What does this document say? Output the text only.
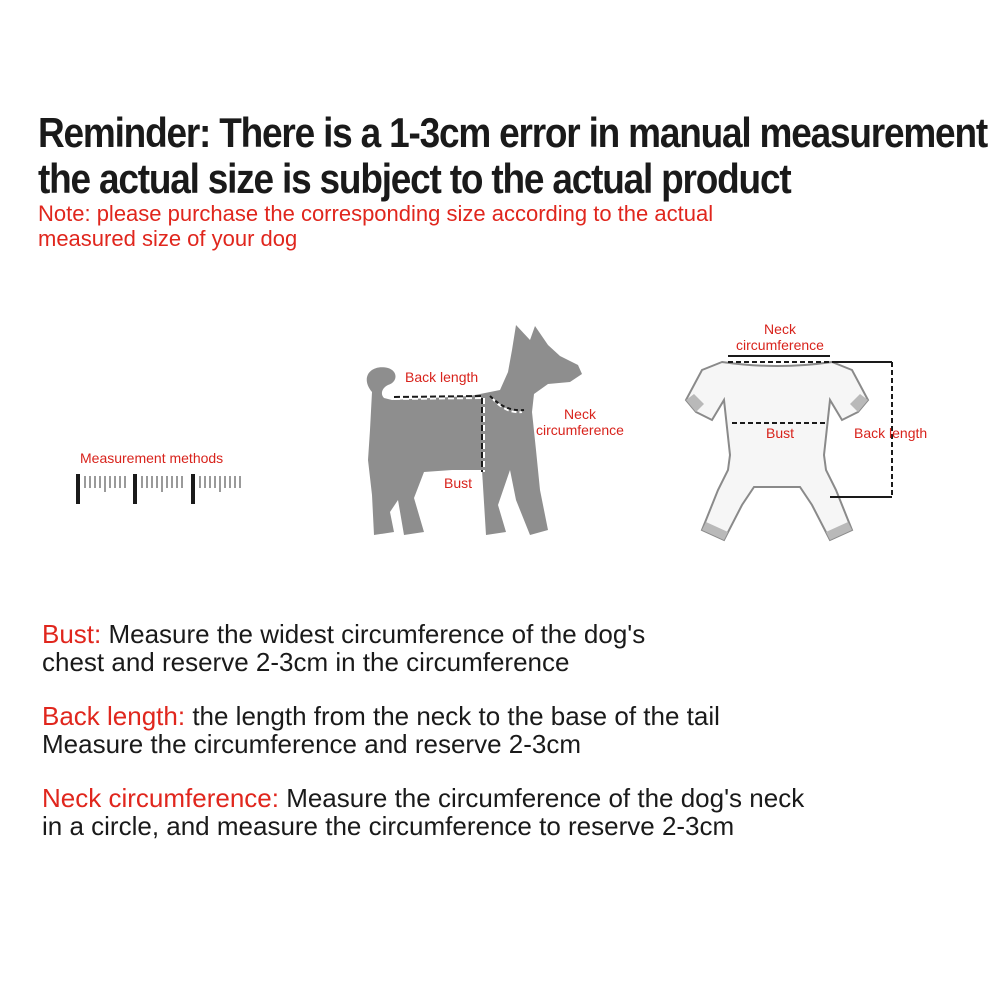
Reminder: There is a 1-3cm error in manual measurement
the actual size is subject to the actual product
Note: please purchase the corresponding size according to the actual
measured size of your dog
Measurement methods
Back length
Neck
circumference
Bust
Neck
circumference
Bust	Back length
Bust: Measure the widest circumference of the dog's
chest and reserve 2-3cm in the circumference
Back length: the length from the neck to the base of the tail
Measure the circumference and reserve 2-3cm
Neck circumference: Measure the circumference of the dog's neck
in a circle, and measure the circumference to reserve 2-3cm
